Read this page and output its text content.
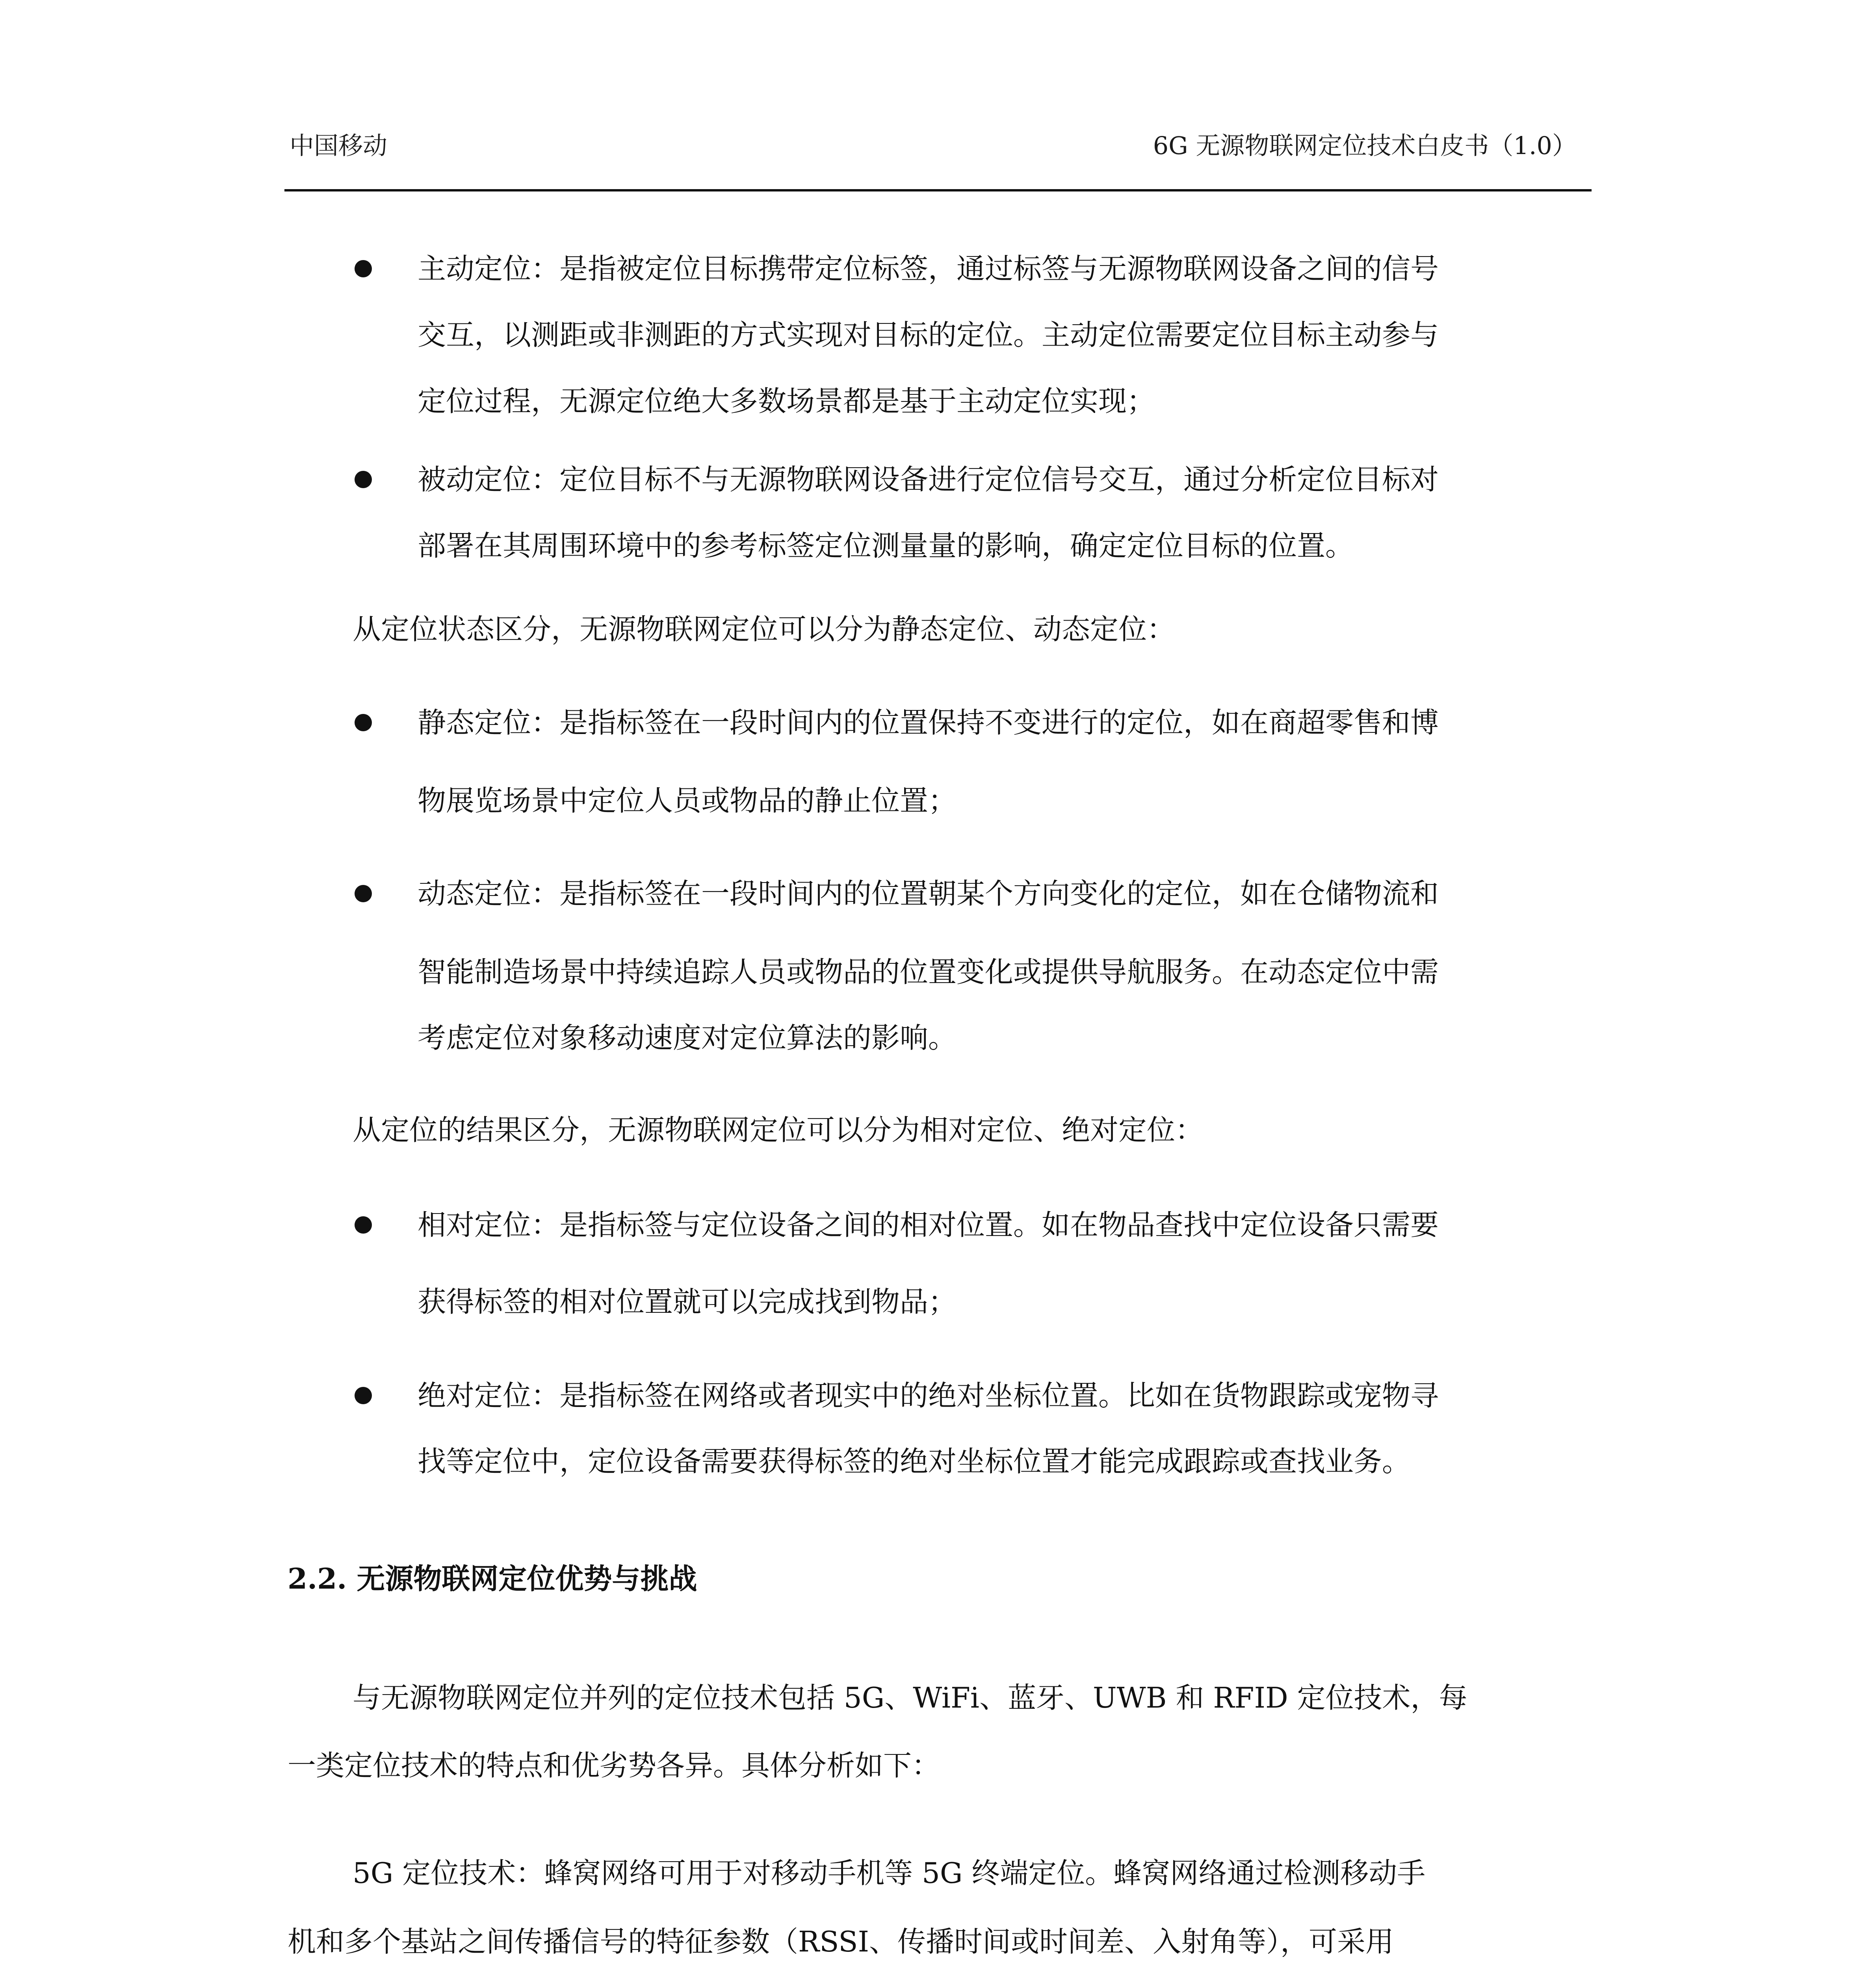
中国移动	6G 无源物联网定位技术白皮书（1.0）
主动定位：是指被定位目标携带定位标签，通过标签与无源物联网设备之间的信号
交互，以测距或非测距的方式实现对目标的定位。主动定位需要定位目标主动参与
定位过程，无源定位绝大多数场景都是基于主动定位实现；
被动定位：定位目标不与无源物联网设备进行定位信号交互，通过分析定位目标对
部署在其周围环境中的参考标签定位测量量的影响，确定定位目标的位置。
从定位状态区分，无源物联网定位可以分为静态定位、动态定位：
静态定位：是指标签在一段时间内的位置保持不变进行的定位，如在商超零售和博
物展览场景中定位人员或物品的静止位置；
动态定位：是指标签在一段时间内的位置朝某个方向变化的定位，如在仓储物流和
智能制造场景中持续追踪人员或物品的位置变化或提供导航服务。在动态定位中需
考虑定位对象移动速度对定位算法的影响。
从定位的结果区分，无源物联网定位可以分为相对定位、绝对定位：
相对定位：是指标签与定位设备之间的相对位置。如在物品查找中定位设备只需要
获得标签的相对位置就可以完成找到物品；
绝对定位：是指标签在网络或者现实中的绝对坐标位置。比如在货物跟踪或宠物寻
找等定位中，定位设备需要获得标签的绝对坐标位置才能完成跟踪或查找业务。
2.2. 无源物联网定位优势与挑战
与无源物联网定位并列的定位技术包括 5G、WiFi、蓝牙、UWB 和 RFID 定位技术，每
一类定位技术的特点和优劣势各异。具体分析如下：
5G 定位技术：蜂窝网络可用于对移动手机等 5G 终端定位。蜂窝网络通过检测移动手
机和多个基站之间传播信号的特征参数（RSSI、传播时间或时间差、入射角等），可采用
